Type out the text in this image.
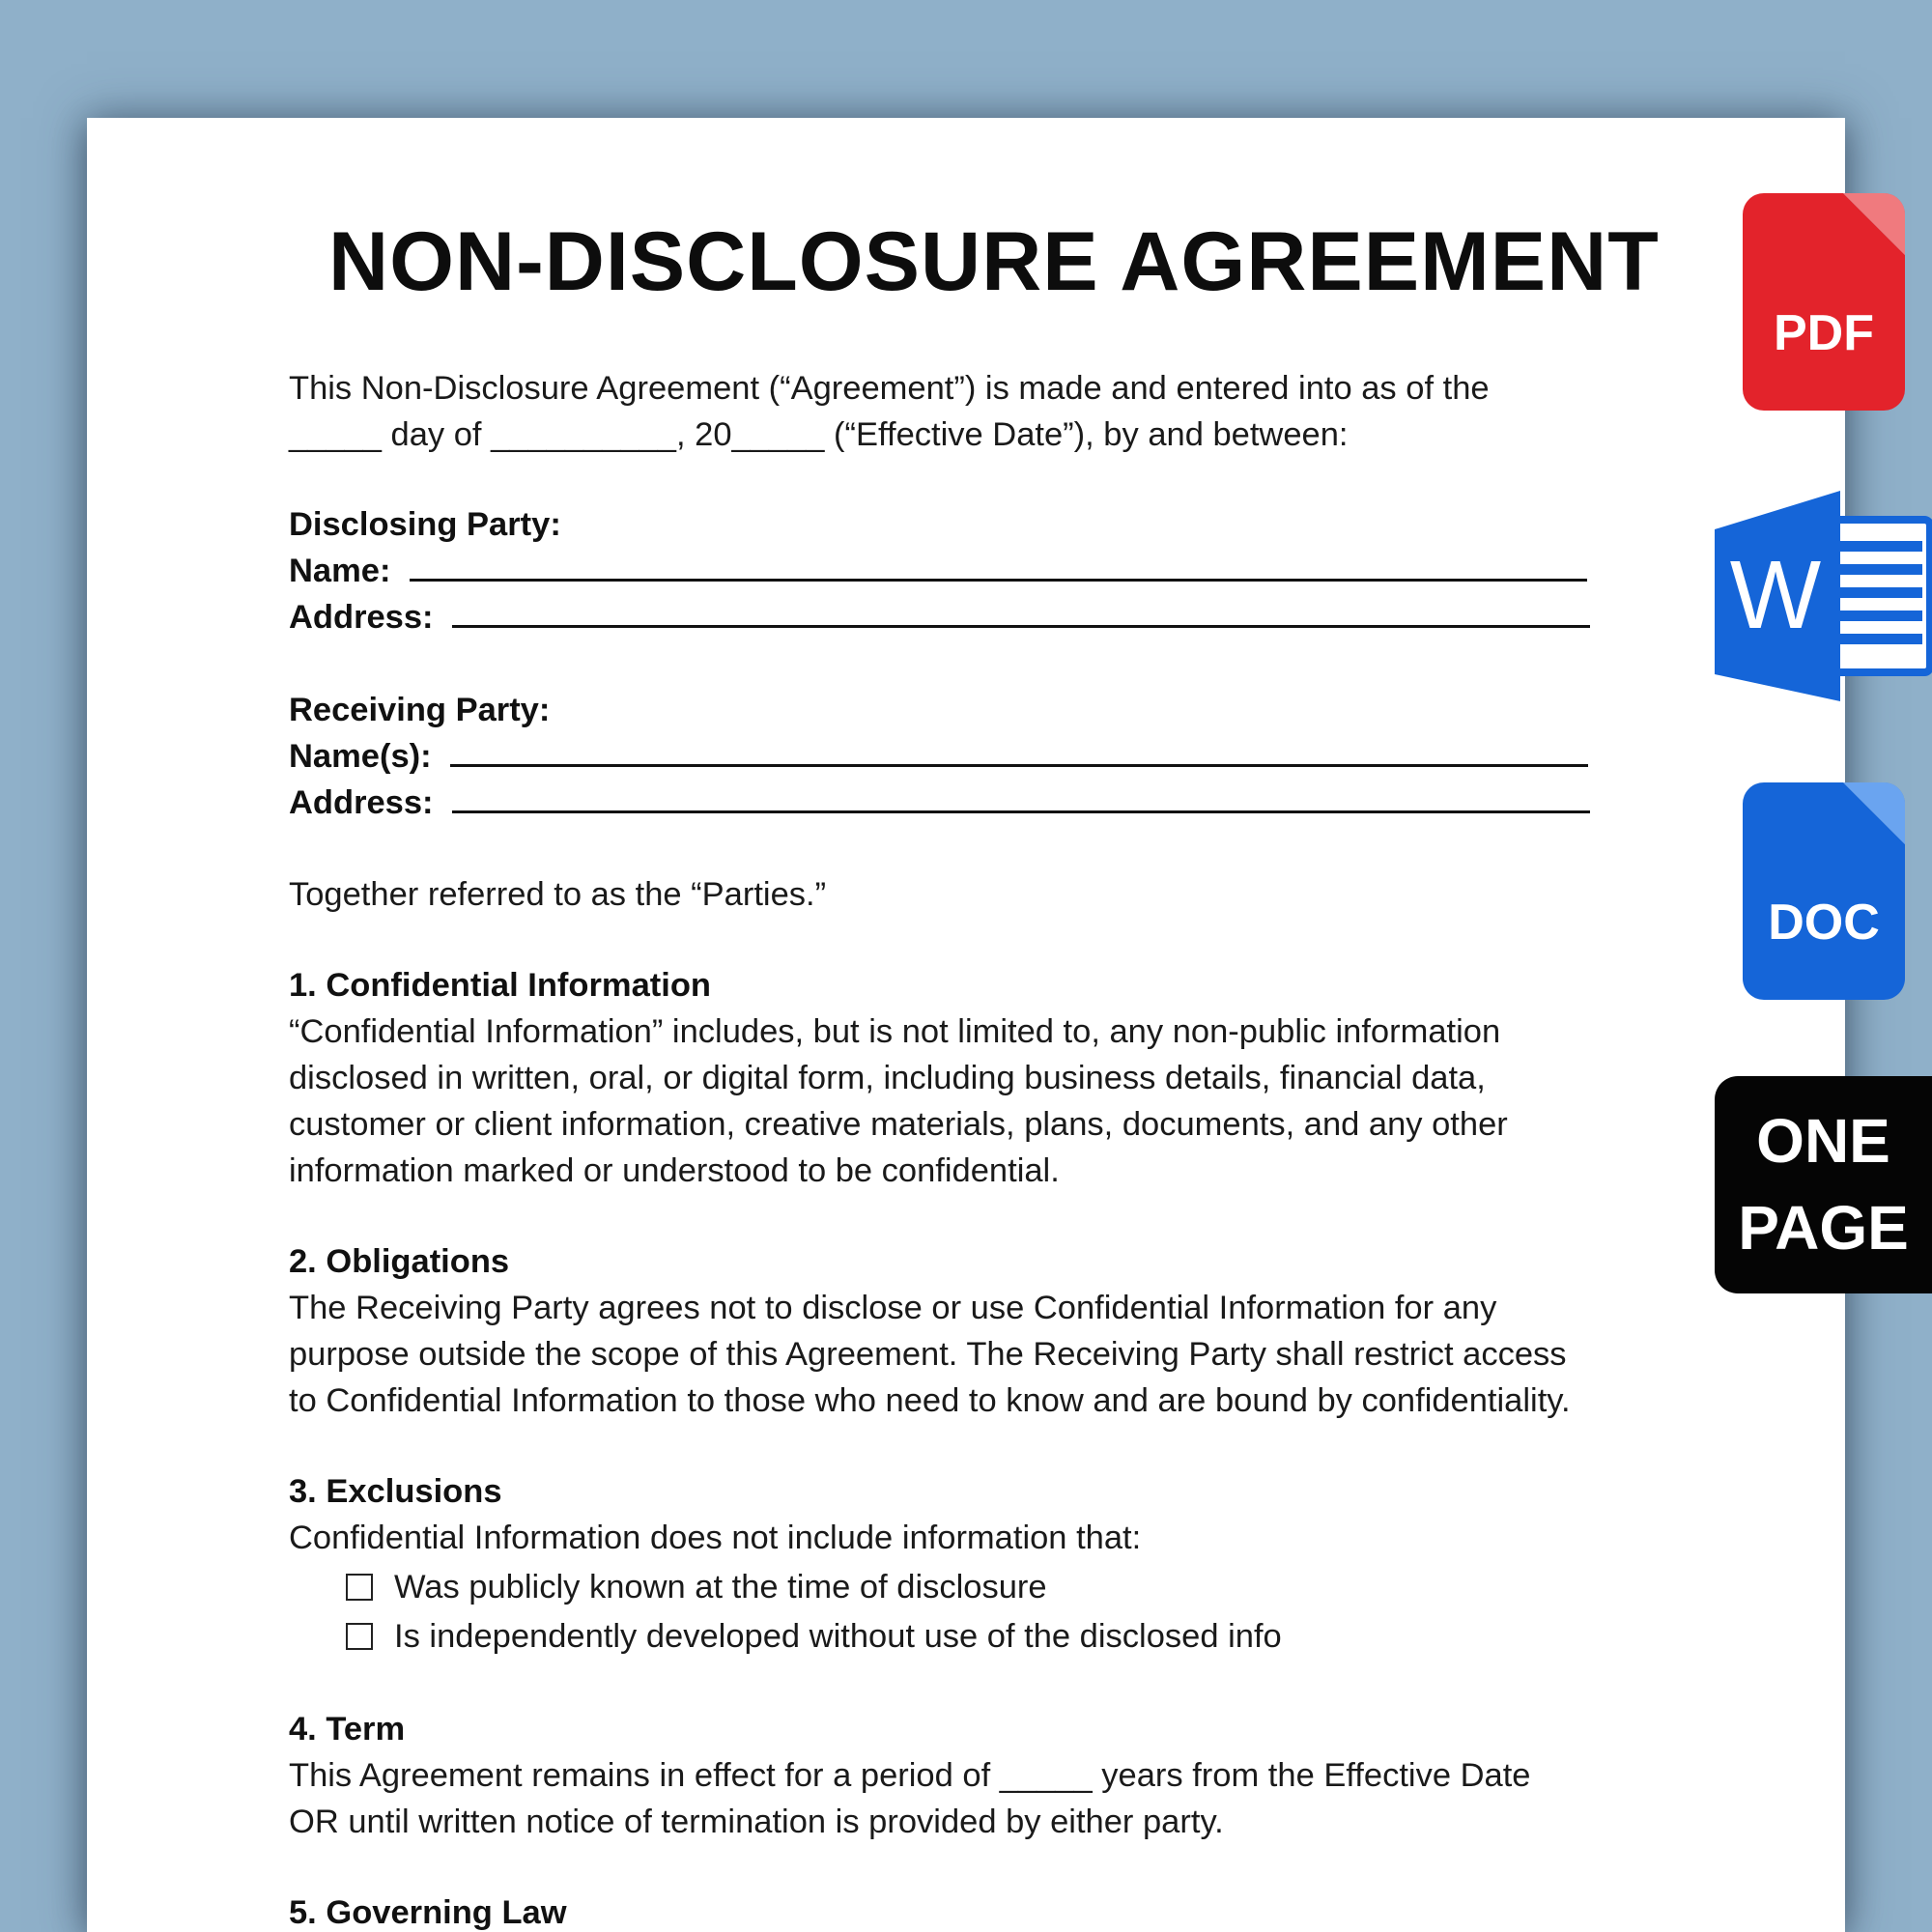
NON-DISCLOSURE AGREEMENT
This Non-Disclosure Agreement (“Agreement”) is made and entered into as of the
_____ day of __________, 20_____ (“Effective Date”), by and between:
Disclosing Party:
Name:
Address:
Receiving Party:
Name(s):
Address:
Together referred to as the “Parties.”
1. Confidential Information
“Confidential Information” includes, but is not limited to, any non-public information
disclosed in written, oral, or digital form, including business details, financial data,
customer or client information, creative materials, plans, documents, and any other
information marked or understood to be confidential.
2. Obligations
The Receiving Party agrees not to disclose or use Confidential Information for any
purpose outside the scope of this Agreement. The Receiving Party shall restrict access
to Confidential Information to those who need to know and are bound by confidentiality.
3. Exclusions
Confidential Information does not include information that:
Was publicly known at the time of disclosure
Is independently developed without use of the disclosed info
4. Term
This Agreement remains in effect for a period of _____ years from the Effective Date
OR until written notice of termination is provided by either party.
5. Governing Law
PDF
W
DOC
ONE
PAGE
